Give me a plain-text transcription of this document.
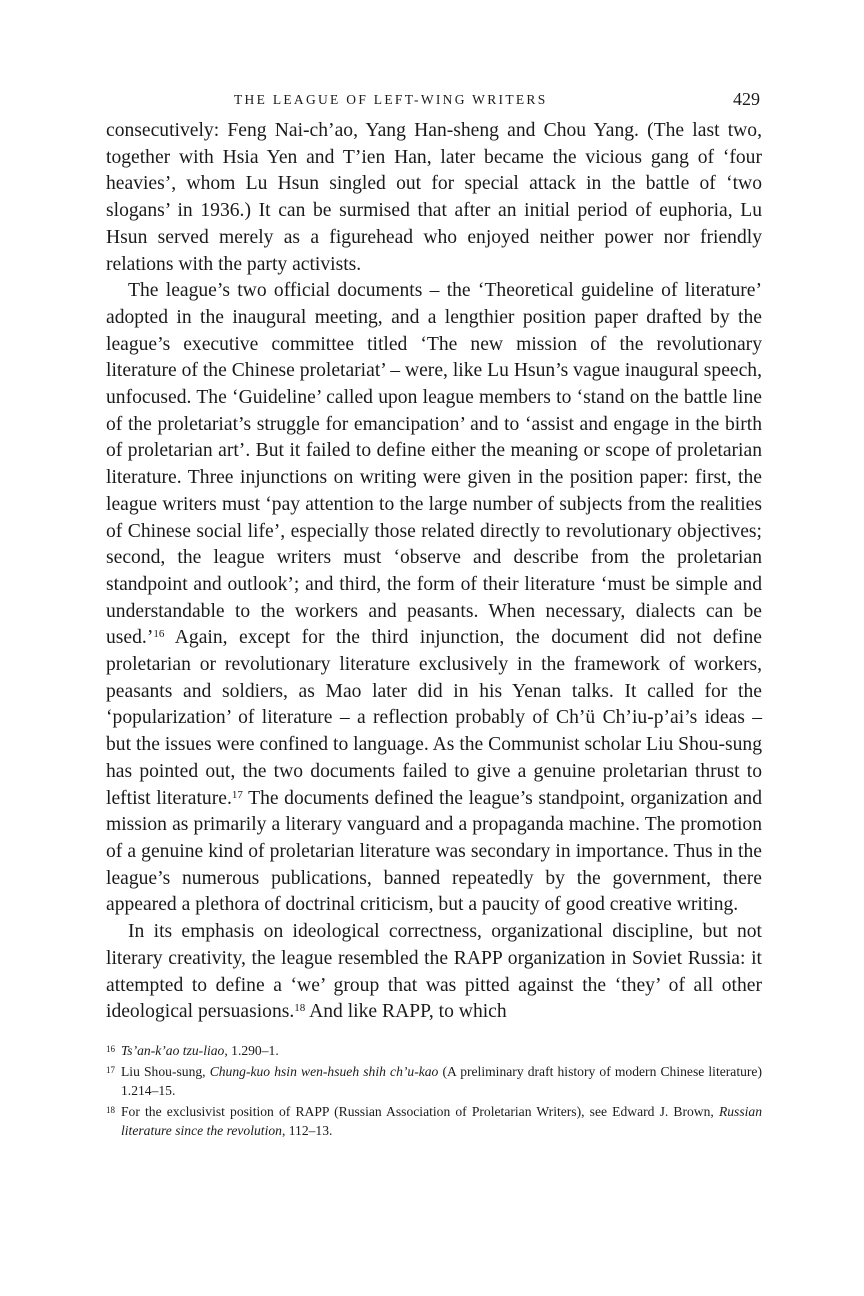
THE LEAGUE OF LEFT-WING WRITERS	429

consecutively: Feng Nai-ch’ao, Yang Han-sheng and Chou Yang. (The last two, together with Hsia Yen and T’ien Han, later became the vicious gang of ‘four heavies’, whom Lu Hsun singled out for special attack in the battle of ‘two slogans’ in 1936.) It can be surmised that after an initial period of euphoria, Lu Hsun served merely as a figurehead who enjoyed neither power nor friendly relations with the party activists.

The league’s two official documents – the ‘Theoretical guideline of literature’ adopted in the inaugural meeting, and a lengthier position paper drafted by the league’s executive committee titled ‘The new mission of the revolutionary literature of the Chinese proletariat’ – were, like Lu Hsun’s vague inaugural speech, unfocused. The ‘Guideline’ called upon league members to ‘stand on the battle line of the proletariat’s struggle for emancipation’ and to ‘assist and engage in the birth of proletarian art’. But it failed to define either the meaning or scope of proletarian literature. Three injunctions on writing were given in the position paper: first, the league writers must ‘pay attention to the large number of subjects from the realities of Chinese social life’, especially those related directly to revolutionary objectives; second, the league writers must ‘observe and describe from the proletarian standpoint and outlook’; and third, the form of their literature ‘must be simple and understandable to the workers and peasants. When necessary, dialects can be used.’$^{16}$ Again, except for the third injunction, the document did not define proletarian or revolutionary literature exclusively in the framework of workers, peasants and soldiers, as Mao later did in his Yenan talks. It called for the ‘popularization’ of literature – a reflection probably of Ch’ü Ch’iu-p’ai’s ideas – but the issues were confined to language. As the Communist scholar Liu Shou-sung has pointed out, the two documents failed to give a genuine proletarian thrust to leftist literature.$^{17}$ The documents defined the league’s standpoint, organization and mission as primarily a literary vanguard and a propaganda machine. The promotion of a genuine kind of proletarian literature was secondary in importance. Thus in the league’s numerous publications, banned repeatedly by the government, there appeared a plethora of doctrinal criticism, but a paucity of good creative writing.

In its emphasis on ideological correctness, organizational discipline, but not literary creativity, the league resembled the RAPP organization in Soviet Russia: it attempted to define a ‘we’ group that was pitted against the ‘they’ of all other ideological persuasions.$^{18}$ And like RAPP, to which

16 Ts’an-k’ao tzu-liao, 1.290–1.
17 Liu Shou-sung, Chung-kuo hsin wen-hsueh shih ch’u-kao (A preliminary draft history of modern Chinese literature) 1.214–15.
18 For the exclusivist position of RAPP (Russian Association of Proletarian Writers), see Edward J. Brown, Russian literature since the revolution, 112–13.
